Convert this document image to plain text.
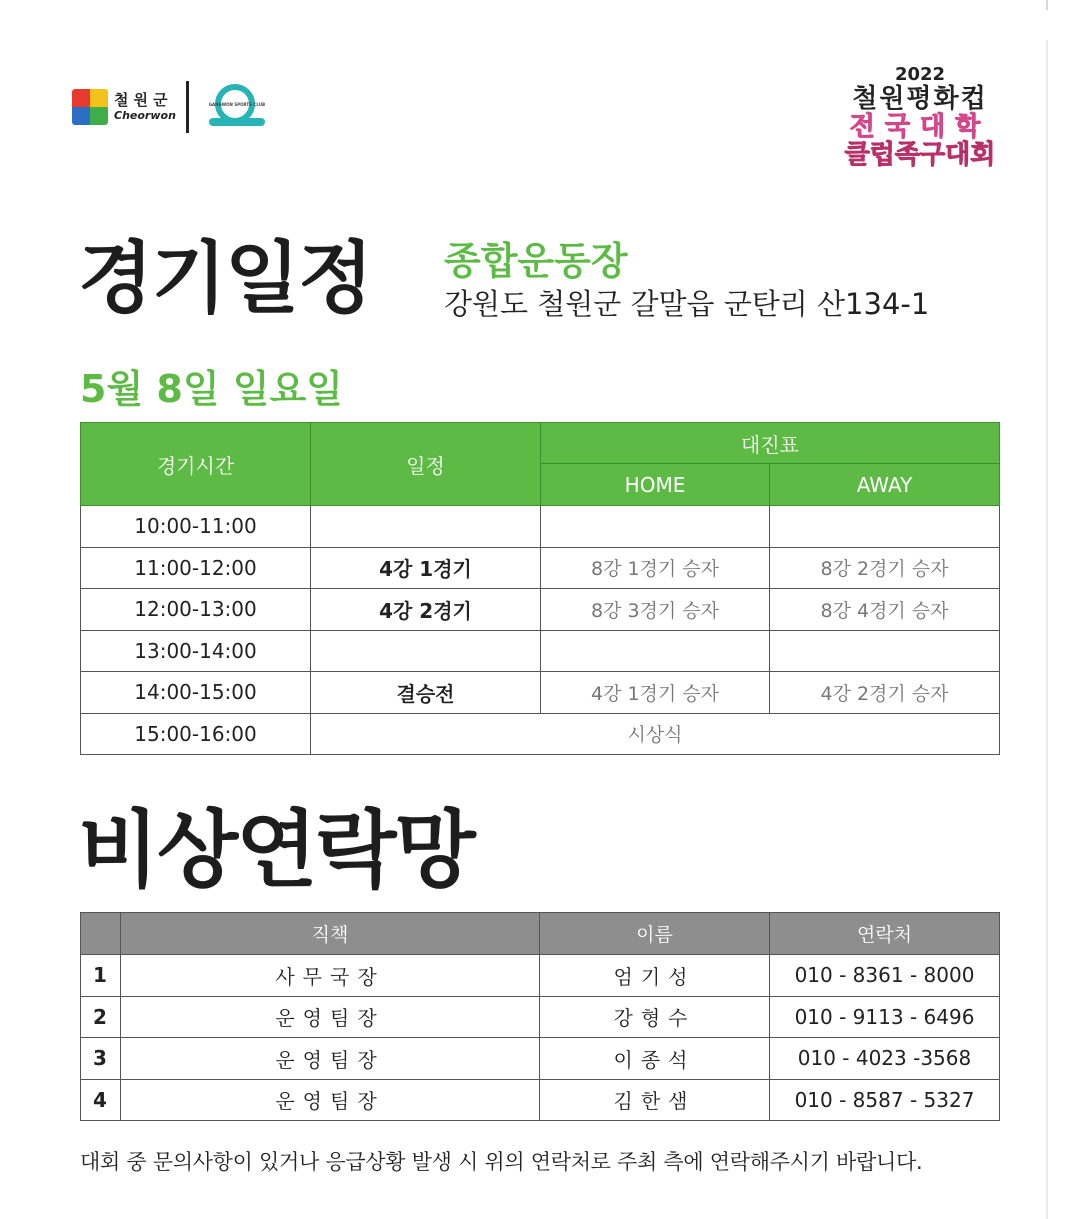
철원군
Cheorwon
GANGWON SPORTS CLUB
2022
철원평화컵
전국대학
클럽족구대회
경기일정 종합운동장
강원도 철원군 갈말읍 군탄리 산134-1
5월 8일 일요일
경기시간	일정	대진표	
		HOME	AWAY
10:00-11:00			
11:00-12:00	4강 1경기	8강 1경기 승자	8강 2경기 승자
12:00-13:00	4강 2경기	8강 3경기 승자	8강 4경기 승자
13:00-14:00			
14:00-15:00	결승전	4강 1경기 승자	4강 2경기 승자
15:00-16:00	시상식		
비상연락망
	직책	이름	연락처
1	사무국장	엄기성	010 - 8361 - 8000
2	운영팀장	강형수	010 - 9113 - 6496
3	운영팀장	이종석	010 - 4023 -3568
4	운영팀장	김한샘	010 - 8587 - 5327
대회 중 문의사항이 있거나 응급상황 발생 시 위의 연락처로 주최 측에 연락해주시기 바랍니다.
